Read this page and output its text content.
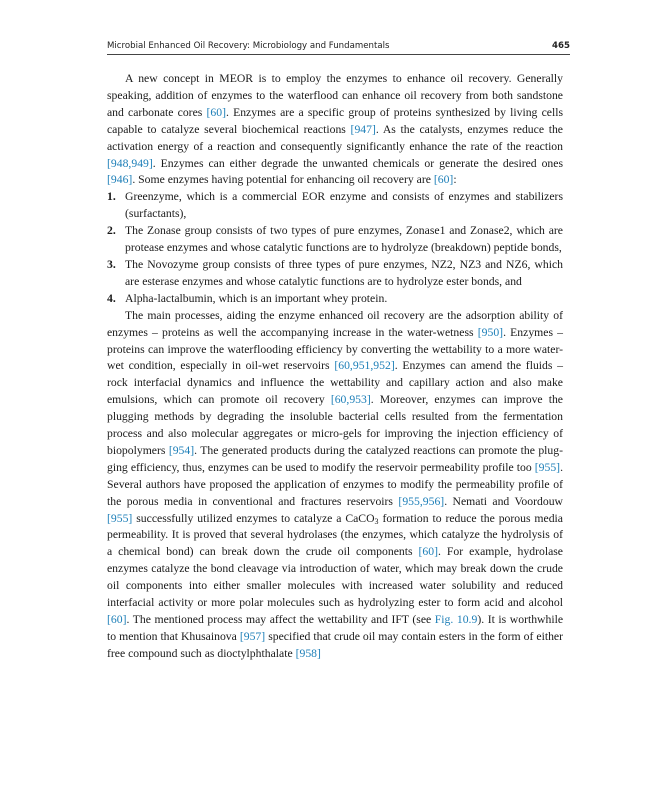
Microbial Enhanced Oil Recovery: Microbiology and Fundamentals	465

A new concept in MEOR is to employ the enzymes to enhance oil recovery. Generally speaking, addition of enzymes to the waterflood can enhance oil recovery from both sandstone and carbonate cores [60]. Enzymes are a specific group of proteins synthesized by living cells capable to catalyze several biochemical reactions [947]. As the catalysts, enzymes reduce the activation energy of a reaction and consequently significantly enhance the rate of the reaction [948,949]. Enzymes can either degrade the unwanted chemicals or generate the desired ones [946]. Some enzymes having potential for enhancing oil recovery are [60]:

1. Greenzyme, which is a commercial EOR enzyme and consists of enzymes and stabilizers (surfactants),
2. The Zonase group consists of two types of pure enzymes, Zonase1 and Zonase2, which are protease enzymes and whose catalytic functions are to hydrolyze (breakdown) peptide bonds,
3. The Novozyme group consists of three types of pure enzymes, NZ2, NZ3 and NZ6, which are esterase enzymes and whose catalytic functions are to hydrolyze ester bonds, and
4. Alpha-lactalbumin, which is an important whey protein.

The main processes, aiding the enzyme enhanced oil recovery are the adsorption ability of enzymes – proteins as well the accompanying increase in the water-wetness [950]. Enzymes – proteins can improve the waterflooding efficiency by converting the wettability to a more water-wet condition, especially in oil-wet reservoirs [60,951,952]. Enzymes can amend the fluids – rock interfacial dynamics and influence the wettability and capillary action and also make emulsions, which can promote oil recovery [60,953]. Moreover, enzymes can improve the plugging methods by degrading the insoluble bacterial cells resulted from the fermentation process and also molecular aggregates or micro-gels for improving the injection efficiency of biopolymers [954]. The generated products during the catalyzed reactions can promote the plugging efficiency, thus, enzymes can be used to modify the reservoir permeability profile too [955]. Several authors have proposed the application of enzymes to modify the permeability profile of the porous media in conventional and fractures reservoirs [955,956]. Nemati and Voordouw [955] successfully utilized enzymes to catalyze a CaCO$_3$ formation to reduce the porous media permeability. It is proved that several hydrolases (the enzymes, which catalyze the hydrolysis of a chemical bond) can break down the crude oil components [60]. For example, hydrolase enzymes catalyze the bond cleavage via introduction of water, which may break down the crude oil components into either smaller molecules with increased water solubility and reduced interfacial activity or more polar molecules such as hydrolyzing ester to form acid and alcohol [60]. The mentioned process may affect the wettability and IFT (see Fig. 10.9). It is worthwhile to mention that Khusainova [957] specified that crude oil may contain esters in the form of either free compound such as dioctylphthalate [958]
